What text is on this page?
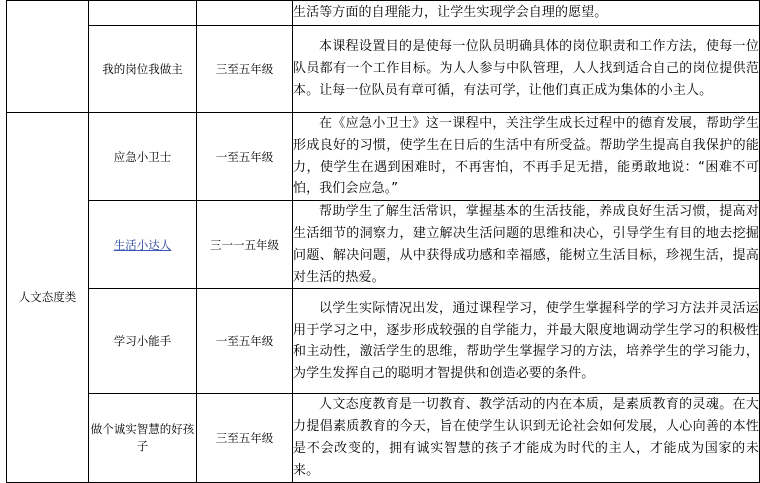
			生活等方面的自理能力，让学生实现学会自理的愿望。

	我的岗位我做主	三至五年级	本课程设置目的是使每一位队员明确具体的岗位职责和工作方法，使每一位队员都有一个工作目标。为人人参与中队管理，人人找到适合自己的岗位提供范本。让每一位队员有章可循，有法可学，让他们真正成为集体的小主人。

人文态度类	应急小卫士	一至五年级	在《应急小卫士》这一课程中，关注学生成长过程中的德育发展，帮助学生形成良好的习惯，使学生在日后的生活中有所受益。帮助学生提高自我保护的能力，使学生在遇到困难时，不再害怕，不再手足无措，能勇敢地说：“困难不可怕，我们会应急。”

	生活小达人	三一一五年级	帮助学生了解生活常识，掌握基本的生活技能，养成良好生活习惯，提高对生活细节的洞察力，建立解决生活问题的思维和决心，引导学生有目的地去挖掘问题、解决问题，从中获得成功感和幸福感，能树立生活目标，珍视生活，提高对生活的热爱。

	学习小能手	一至五年级	以学生实际情况出发，通过课程学习，使学生掌握科学的学习方法并灵活运用于学习之中，逐步形成较强的自学能力，并最大限度地调动学生学习的积极性和主动性，激活学生的思维，帮助学生掌握学习的方法，培养学生的学习能力，为学生发挥自己的聪明才智提供和创造必要的条件。

	做个诚实智慧的好孩子	三至五年级	人文态度教育是一切教育、教学活动的内在本质，是素质教育的灵魂。在大力提倡素质教育的今天，旨在使学生认识到无论社会如何发展，人心向善的本性是不会改变的，拥有诚实智慧的孩子才能成为时代的主人，才能成为国家的未来。
